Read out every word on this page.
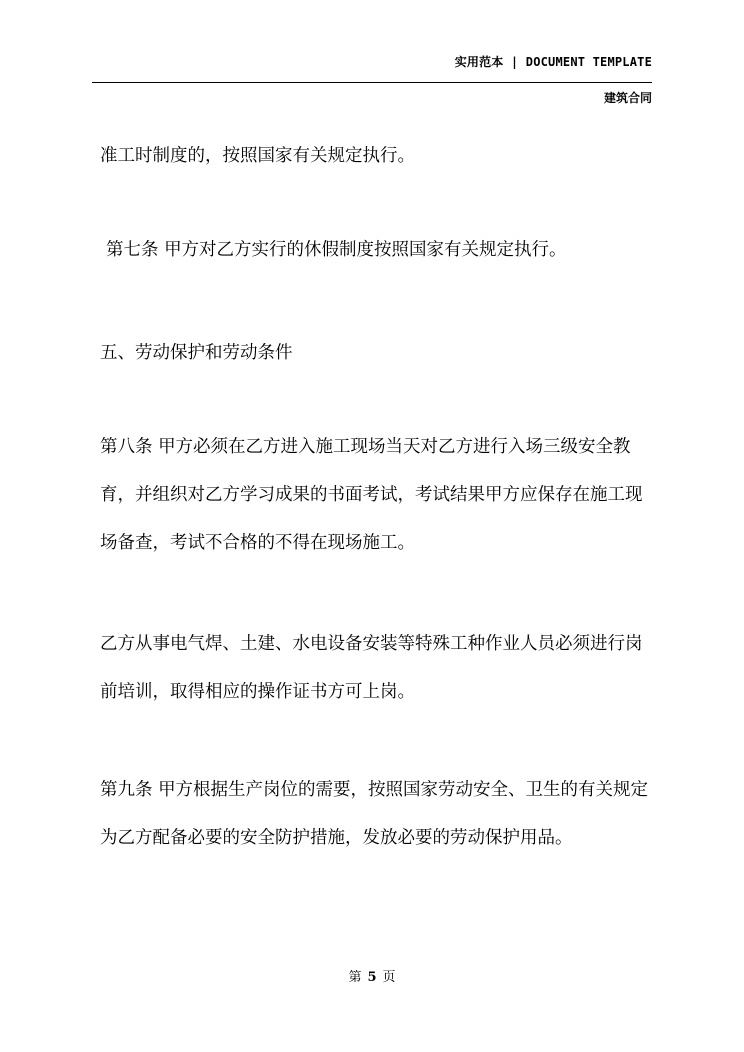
实用范本 | DOCUMENT TEMPLATE
建筑合同

准工时制度的，按照国家有关规定执行。

第七条 甲方对乙方实行的休假制度按照国家有关规定执行。

五、劳动保护和劳动条件

第八条 甲方必须在乙方进入施工现场当天对乙方进行入场三级安全教育，并组织对乙方学习成果的书面考试，考试结果甲方应保存在施工现场备查，考试不合格的不得在现场施工。

乙方从事电气焊、土建、水电设备安装等特殊工种作业人员必须进行岗前培训，取得相应的操作证书方可上岗。

第九条 甲方根据生产岗位的需要，按照国家劳动安全、卫生的有关规定为乙方配备必要的安全防护措施，发放必要的劳动保护用品。

第 5 页
